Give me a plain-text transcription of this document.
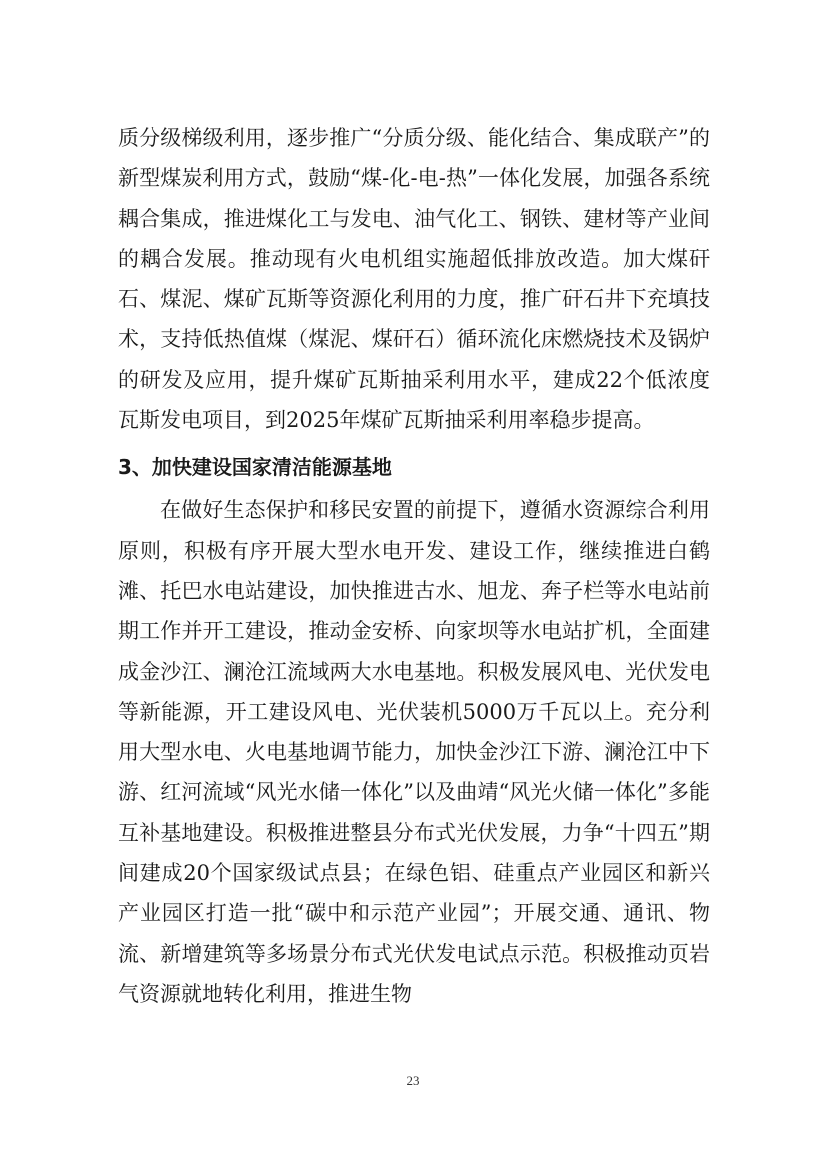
质分级梯级利用，逐步推广“分质分级、能化结合、集成联产”的新型煤炭利用方式，鼓励“煤-化-电-热”一体化发展，加强各系统耦合集成，推进煤化工与发电、油气化工、钢铁、建材等产业间的耦合发展。推动现有火电机组实施超低排放改造。加大煤矸石、煤泥、煤矿瓦斯等资源化利用的力度，推广矸石井下充填技术，支持低热值煤（煤泥、煤矸石）循环流化床燃烧技术及锅炉的研发及应用，提升煤矿瓦斯抽采利用水平，建成22个低浓度瓦斯发电项目，到2025年煤矿瓦斯抽采利用率稳步提高。

3、加快建设国家清洁能源基地

在做好生态保护和移民安置的前提下，遵循水资源综合利用原则，积极有序开展大型水电开发、建设工作，继续推进白鹤滩、托巴水电站建设，加快推进古水、旭龙、奔子栏等水电站前期工作并开工建设，推动金安桥、向家坝等水电站扩机，全面建成金沙江、澜沧江流域两大水电基地。积极发展风电、光伏发电等新能源，开工建设风电、光伏装机5000万千瓦以上。充分利用大型水电、火电基地调节能力，加快金沙江下游、澜沧江中下游、红河流域“风光水储一体化”以及曲靖“风光火储一体化”多能互补基地建设。积极推进整县分布式光伏发展，力争“十四五”期间建成20个国家级试点县；在绿色铝、硅重点产业园区和新兴产业园区打造一批“碳中和示范产业园”；开展交通、通讯、物流、新增建筑等多场景分布式光伏发电试点示范。积极推动页岩气资源就地转化利用，推进生物

23
